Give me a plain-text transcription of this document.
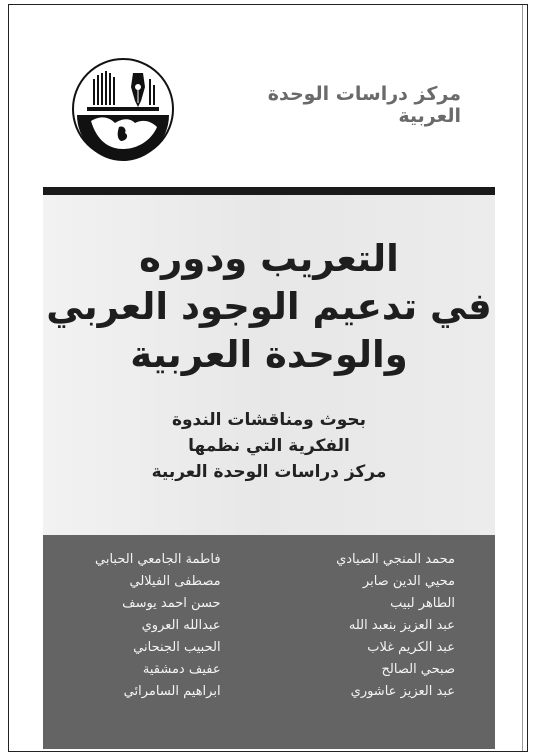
مركز دراسات الوحدة العربية
التعريب ودوره
في تدعيم الوجود العربي
والوحدة العربية
بحوث ومناقشات الندوة
الفكرية التي نظمها
مركز دراسات الوحدة العربية
محمد المنجي الصيادي
محيي الدين صابر
الطاهر لبيب
عبد العزيز بنعبد الله
عبد الكريم غلاب
صبحي الصالح
عبد العزيز عاشوري
فاطمة الجامعي الحبابي
مصطفى الفيلالي
حسن احمد يوسف
عبدالله العروي
الحبيب الجنحاني
عفيف دمشقية
ابراهيم السامرائي
